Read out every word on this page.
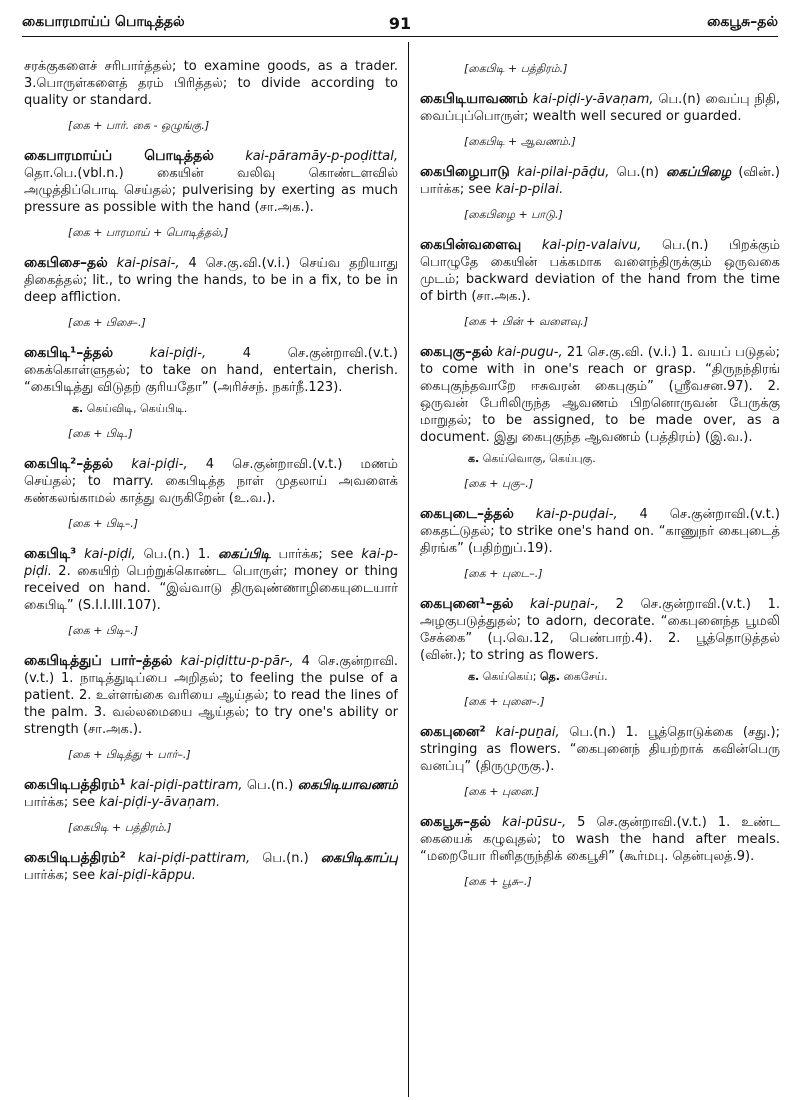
கைபாரமாய்ப் பொடித்தல்	91	கைபூசு–தல்
சரக்குகளைச் சரிபார்த்தல்; to examine goods, as a trader. 3.பொருள்களைத் தரம் பிரித்தல்; to divide according to quality or standard.
[கை + பார். கை - ஒழுங்கு.]
கைபாரமாய்ப் பொடித்தல் kai-pāramāy-p-poḍittal, தொ.பெ.(vbl.n.) கையின் வலிவு கொண்டளவில் அழுத்திப்பொடி செய்தல்; pulverising by exerting as much pressure as possible with the hand (சா.அக.).
[கை + பாரமாய் + பொடித்தல்,]
கைபிசை–தல் kai-pisai-, 4 செ.கு.வி.(v.i.) செய்வ தறியாது திகைத்தல்; lit., to wring the hands, to be in a fix, to be in deep affliction.
[கை + பிசை–.]
கைபிடி¹–த்தல்	kai-piḍi-, 4 செ.குன்றாவி.(v.t.) கைக்கொள்ளுதல்; to take on hand, entertain, cherish. “கைபிடித்து விடுதற் குரியதோ” (அரிச்சந். நகர்நீ.123).
க. கெய்விடி, கெய்பிடி.
[கை + பிடி.]
கைபிடி²–த்தல் kai-piḍi-, 4 செ.குன்றாவி.(v.t.) மணம் செய்தல்; to marry. கைபிடித்த நாள் முதலாய் அவளைக் கண்கலங்காமல் காத்து வருகிறேன் (உ.வ.).
[கை + பிடி–.]
கைபிடி³ kai-piḍi, பெ.(n.) 1. கைப்பிடி பார்க்க; see kai-p-piḍi. 2. கையிற் பெற்றுக்கொண்ட பொருள்; money or thing received on hand. “இவ்வாடு திருவுண்ணாழிகையுடையார் கைபிடி” (S.I.I.III.107).
[கை + பிடி–.]
கைபிடித்துப் பார்–த்தல் kai-piḍittu-p-pār-, 4 செ.குன்றாவி.(v.t.) 1. நாடித்துடிப்பை அறிதல்; to feeling the pulse of a patient. 2. உள்ளங்கை வரியை ஆய்தல்; to read the lines of the palm. 3. வல்லமையை ஆய்தல்; to try one's ability or strength (சா.அக.).
[கை + பிடித்து + பார்–.]
கைபிடிபத்திரம்¹ kai-piḍi-pattiram, பெ.(n.) கைபிடியாவணம் பார்க்க; see kai-piḍi-y-āvaṇam.
[கைபிடி + பத்திரம்.]
கைபிடிபத்திரம்² kai-piḍi-pattiram, பெ.(n.) கைபிடிகாப்பு பார்க்க; see kai-piḍi-kāppu.
[கைபிடி + பத்திரம்.]
கைபிடியாவணம் kai-piḍi-y-āvaṇam, பெ.(n) வைப்பு நிதி, வைப்புப்பொருள்; wealth well secured or guarded.
[கைபிடி + ஆவணம்.]
கைபிழைபாடு kai-pilai-pāḍu, பெ.(n) கைப்பிழை (வின்.) பார்க்க; see kai-p-pilai.
[கைபிழை + பாடு.]
கைபின்வளைவு kai-piṉ-valaivu, பெ.(n.) பிறக்கும் பொழுதே கையின் பக்கமாக வளைந்திருக்கும் ஒருவகை முடம்; backward deviation of the hand from the time of birth (சா.அக.).
[கை + பின் + வளைவு.]
கைபுகு–தல் kai-pugu-, 21 செ.கு.வி. (v.i.) 1. வயப் படுதல்; to come with in one's reach or grasp. “திருநந்திரங் கைபுகுந்தவாறே ஈசுவரன் கைபுகும்” (ஸ்ரீவசன.97). 2. ஒருவன் பேரிலிருந்த ஆவணம் பிறனொருவன் பேருக்கு மாறுதல்; to be assigned, to be made over, as a document. இது கைபுகுந்த ஆவணம் (பத்திரம்) (இ.வ.).
க. கெய்வொகு, கெய்புகு.
[கை + புகு–.]
கைபுடை–த்தல் kai-p-puḍai-, 4 செ.குன்றாவி.(v.t.) கைதட்டுதல்; to strike one's hand on. “காணுநர் கைபுடைத் திரங்க” (பதிற்றுப்.19).
[கை + புடை–.]
கைபுனை¹–தல் kai-puṉai-, 2 செ.குன்றாவி.(v.t.) 1. அழகுபடுத்துதல்; to adorn, decorate. “கைபுனைந்த பூமலி சேக்கை” (பு.வெ.12, பெண்பாற்.4). 2. பூத்தொடுத்தல் (வின்.); to string as flowers.
க. கெய்கெய்; தெ. கைசேய்.
[கை + புனை–.]
கைபுனை² kai-puṉai, பெ.(n.) 1. பூத்தொடுக்கை (சது.); stringing as flowers. “கைபுனைந் தியற்றாக் கவின்பெரு வனப்பு” (திருமுருகு.).
[கை + புனை.]
கைபூசு–தல் kai-pūsu-, 5 செ.குன்றாவி.(v.t.) 1. உண்ட கையைக் கழுவுதல்; to wash the hand after meals. “மறையோ ரினிதருந்திக் கைபூசி” (கூர்மபு. தென்புலத்.9).
[கை + பூசு–.]
